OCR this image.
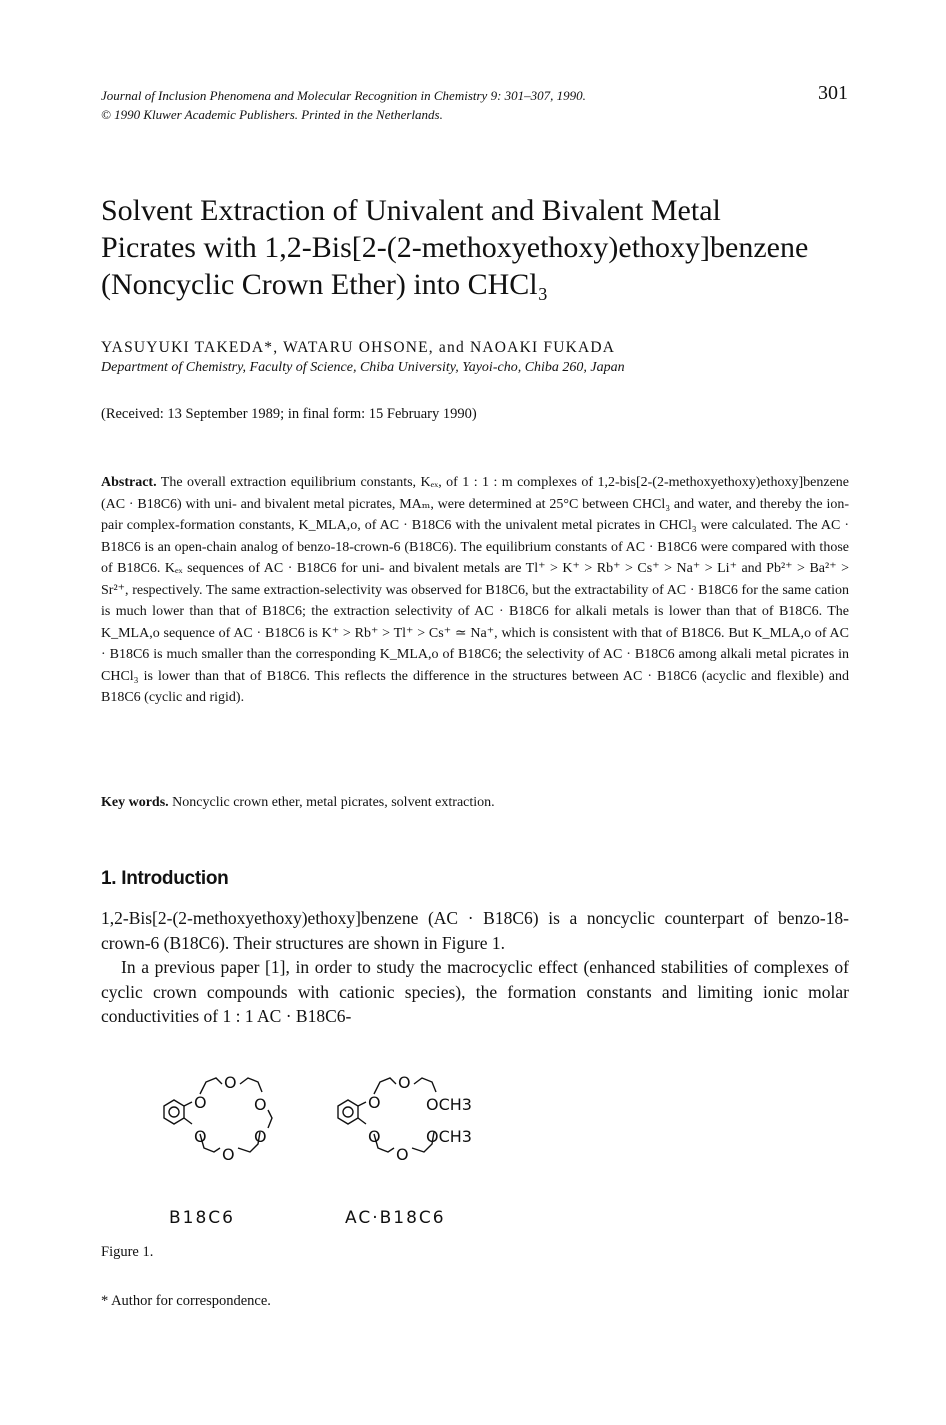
Journal of Inclusion Phenomena and Molecular Recognition in Chemistry 9: 301–307, 1990.
© 1990 Kluwer Academic Publishers. Printed in the Netherlands.
301
Solvent Extraction of Univalent and Bivalent Metal
Picrates with 1,2-Bis[2-(2-methoxyethoxy)ethoxy]benzene
(Noncyclic Crown Ether) into CHCl₃
YASUYUKI TAKEDA*, WATARU OHSONE, and NAOAKI FUKADA
Department of Chemistry, Faculty of Science, Chiba University, Yayoi-cho, Chiba 260, Japan
(Received: 13 September 1989; in final form: 15 February 1990)
Abstract. The overall extraction equilibrium constants, Kₑₓ, of 1 : 1 : m complexes of 1,2-bis[2-(2-methoxyethoxy)ethoxy]benzene (AC · B18C6) with uni- and bivalent metal picrates, MAₘ, were determined at 25°C between CHCl₃ and water, and thereby the ion-pair complex-formation constants, K_MLA,o, of AC · B18C6 with the univalent metal picrates in CHCl₃ were calculated. The AC · B18C6 is an open-chain analog of benzo-18-crown-6 (B18C6). The equilibrium constants of AC · B18C6 were compared with those of B18C6. Kₑₓ sequences of AC · B18C6 for uni- and bivalent metals are Tl⁺ > K⁺ > Rb⁺ > Cs⁺ > Na⁺ > Li⁺ and Pb²⁺ > Ba²⁺ > Sr²⁺, respectively. The same extraction-selectivity was observed for B18C6, but the extractability of AC · B18C6 for the same cation is much lower than that of B18C6; the extraction selectivity of AC · B18C6 for alkali metals is lower than that of B18C6. The K_MLA,o sequence of AC · B18C6 is K⁺ > Rb⁺ > Tl⁺ > Cs⁺ ≃ Na⁺, which is consistent with that of B18C6. But K_MLA,o of AC · B18C6 is much smaller than the corresponding K_MLA,o of B18C6; the selectivity of AC · B18C6 among alkali metal picrates in CHCl₃ is lower than that of B18C6. This reflects the difference in the structures between AC · B18C6 (acyclic and flexible) and B18C6 (cyclic and rigid).
Key words. Noncyclic crown ether, metal picrates, solvent extraction.
1. Introduction

1,2-Bis[2-(2-methoxyethoxy)ethoxy]benzene (AC · B18C6) is a noncyclic counterpart of benzo-18-crown-6 (B18C6). Their structures are shown in Figure 1.

In a previous paper [1], in order to study the macrocyclic effect (enhanced stabilities of complexes of cyclic crown compounds with cationic species), the formation constants and limiting ionic molar conductivities of 1 : 1 AC · B18C6-

O
O
O
O	O
O
O
O
OCH3
O	OCH3
O
B18C6	AC·B18C6
Figure 1.
* Author for correspondence.
